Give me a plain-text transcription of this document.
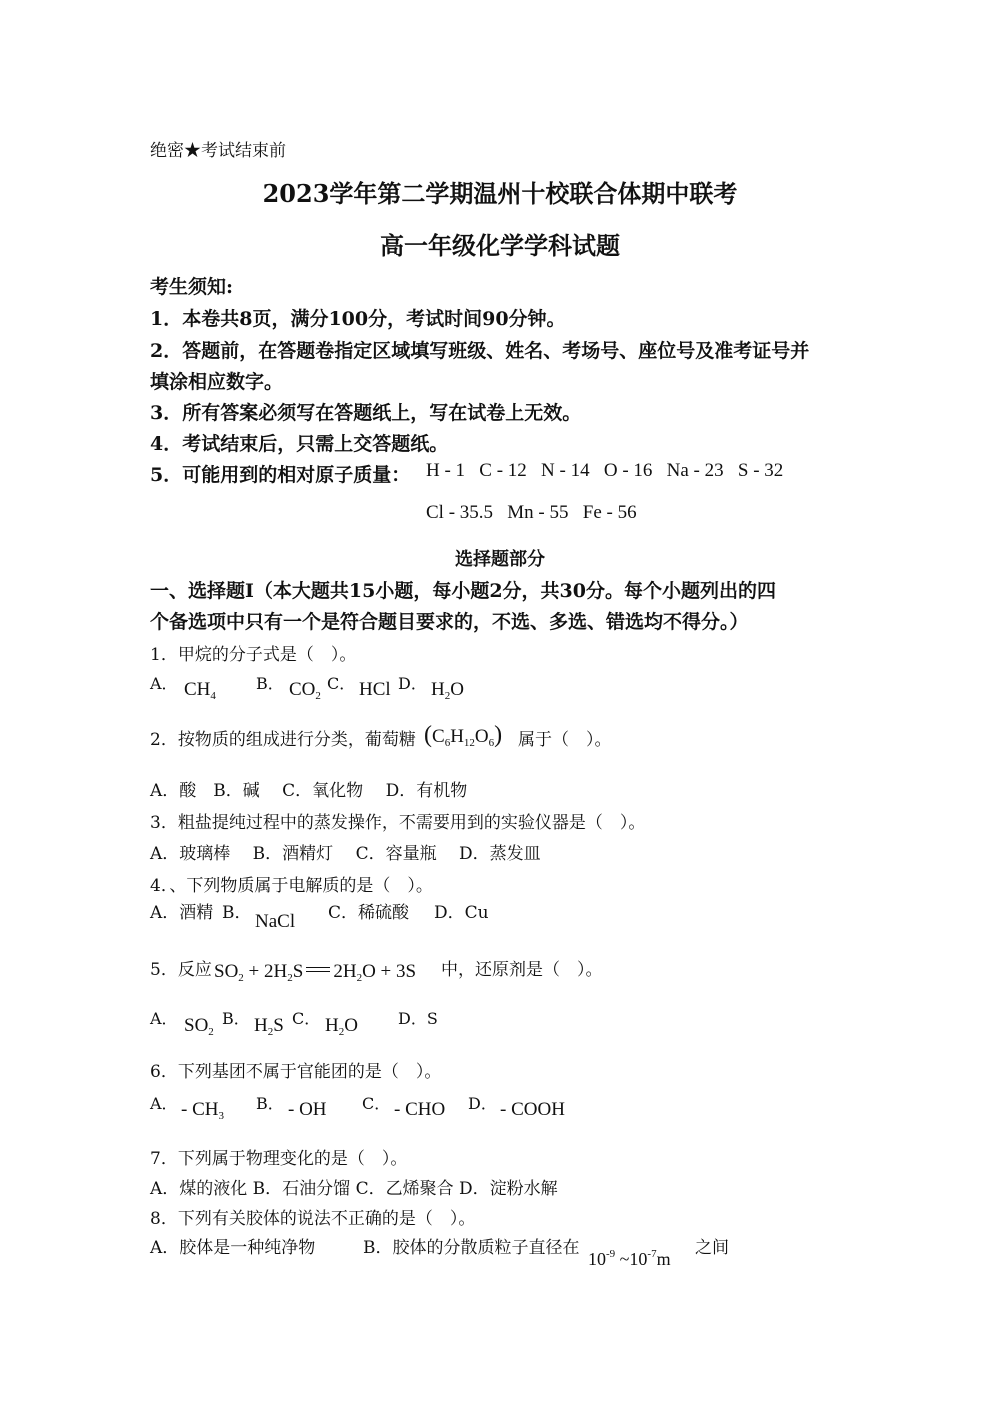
绝密★考试结束前
2023学年第二学期温州十校联合体期中联考
高一年级化学学科试题
考生须知:
1．本卷共8页，满分100分，考试时间90分钟。
2．答题前，在答题卷指定区域填写班级、姓名、考场号、座位号及准考证号并
填涂相应数字。
3．所有答案必须写在答题纸上，写在试卷上无效。
4．考试结束后，只需上交答题纸。
5．可能用到的相对原子质量： H - 1   C - 12   N - 14   O - 16   Na - 23   S - 32
Cl - 35.5   Mn - 55   Fe - 56
选择题部分
一、选择题Ⅰ（本大题共15小题，每小题2分，共30分。每个小题列出的四
个备选项中只有一个是符合题目要求的，不选、多选、错选均不得分。）
1．甲烷的分子式是（　）。
A． $CH_4$
B． $CO_2$
C． HCl D． $H_2O$
2．按物质的组成进行分类，葡萄糖 $(C_6H_{12}O_6)$ 属于（　）。
A．酸　B．碱　 C．氧化物　 D．有机物
3．粗盐提纯过程中的蒸发操作，不需要用到的实验仪器是（　）。
A．玻璃棒　 B．酒精灯　 C．容量瓶　 D．蒸发皿
4．、下列物质属于电解质的是（　）。
A．酒精 B． NaCl C．稀硫酸 D．Cu
5．反应 $SO_2 + 2H_2S$ $2H_2O + 3S$ 中，还原剂是（　）。
A． $SO_2$
B． $H_2S$ C． $H_2O$	D．S
6．下列基团不属于官能团的是（　）。
A． - $CH_3$
B． - OH C． - CHO D． - COOH
7．下列属于物理变化的是（　）。
A．煤的液化 B．石油分馏 C．乙烯聚合 D．淀粉水解
8．下列有关胶体的说法不正确的是（　）。
A．胶体是一种纯净物	B．胶体的分散质粒子直径在
$10^{-9}$ $\sim 10^{-7}m$
之间
